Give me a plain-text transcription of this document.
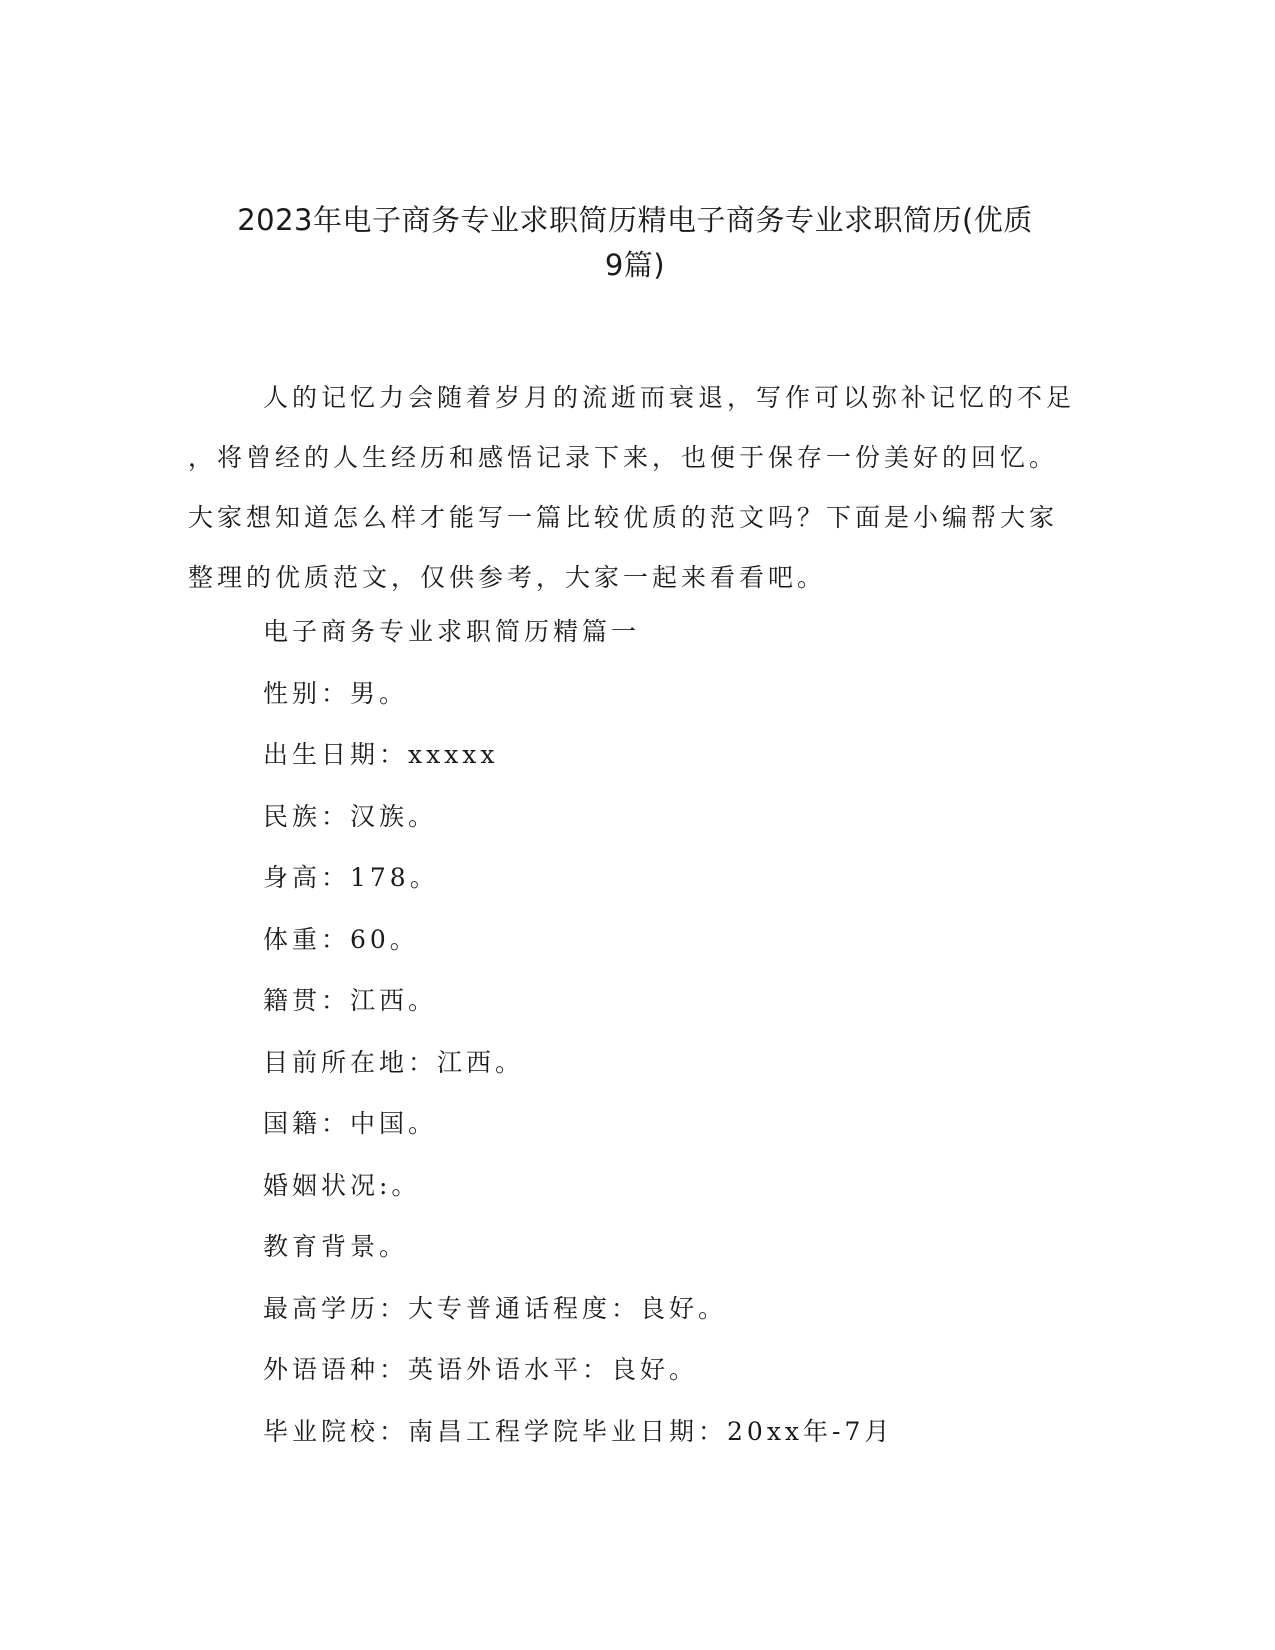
2023年电子商务专业求职简历精电子商务专业求职简历(优质
9篇)
人的记忆力会随着岁月的流逝而衰退，写作可以弥补记忆的不足
，将曾经的人生经历和感悟记录下来，也便于保存一份美好的回忆。
大家想知道怎么样才能写一篇比较优质的范文吗？下面是小编帮大家
整理的优质范文，仅供参考，大家一起来看看吧。
电子商务专业求职简历精篇一
性别：男。
出生日期：xxxxx
民族：汉族。
身高：178。
体重：60。
籍贯：江西。
目前所在地：江西。
国籍：中国。
婚姻状况:。
教育背景。
最高学历：大专普通话程度：良好。
外语语种：英语外语水平：良好。
毕业院校：南昌工程学院毕业日期：20xx年-7月
